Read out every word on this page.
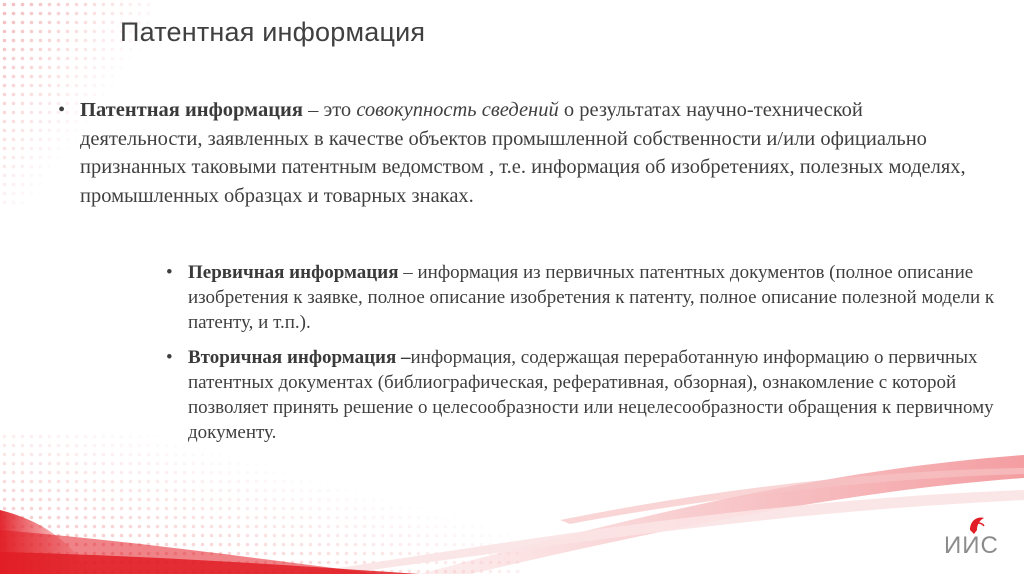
Патентная информация
• Патентная информация – это совокупность сведений о результатах научно-технической деятельности, заявленных в качестве объектов промышленной собственности и/или официально признанных таковыми патентным ведомством , т.е. информация об изобретениях, полезных моделях, промышленных образцах и товарных знаках.
• Первичная информация – информация из первичных патентных документов (полное описание изобретения к заявке, полное описание изобретения к патенту, полное описание полезной модели к патенту, и т.п.).
• Вторичная информация –информация, содержащая переработанную информацию о первичных патентных документах (библиографическая, реферативная, обзорная), ознакомление с которой позволяет принять решение о целесообразности или нецелесообразности обращения к первичному документу.
ИИС
